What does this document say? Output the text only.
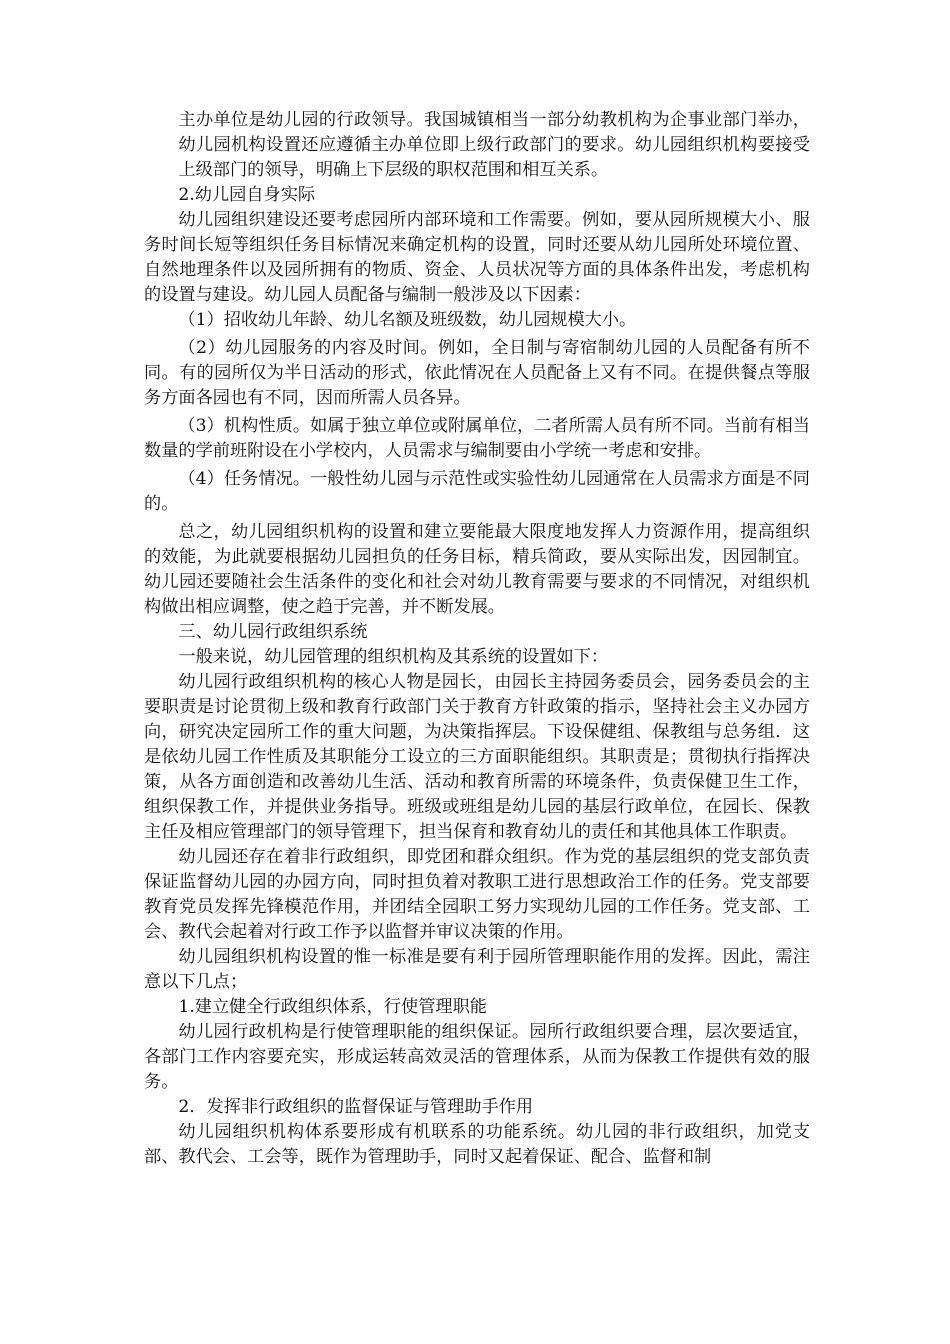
主办单位是幼儿园的行政领导。我国城镇相当一部分幼教机构为企事业部门举办，幼儿园机构设置还应遵循主办单位即上级行政部门的要求。幼儿园组织机构要接受上级部门的领导，明确上下层级的职权范围和相互关系。

2.幼儿园自身实际

幼儿园组织建设还要考虑园所内部环境和工作需要。例如，要从园所规模大小、服务时间长短等组织任务目标情况来确定机构的设置，同时还要从幼儿园所处环境位置、自然地理条件以及园所拥有的物质、资金、人员状况等方面的具体条件出发，考虑机构的设置与建设。幼儿园人员配备与编制一般涉及以下因素：

（1）招收幼儿年龄、幼儿名额及班级数，幼儿园规模大小。

（2）幼儿园服务的内容及时间。例如，全日制与寄宿制幼儿园的人员配备有所不同。有的园所仅为半日活动的形式，依此情况在人员配备上又有不同。在提供餐点等服务方面各园也有不同，因而所需人员各异。

（3）机构性质。如属于独立单位或附属单位，二者所需人员有所不同。当前有相当数量的学前班附设在小学校内，人员需求与编制要由小学统一考虑和安排。

（4）任务情况。一般性幼儿园与示范性或实验性幼儿园通常在人员需求方面是不同的。

总之，幼儿园组织机构的设置和建立要能最大限度地发挥人力资源作用，提高组织的效能，为此就要根据幼儿园担负的任务目标，精兵简政，要从实际出发，因园制宜。幼儿园还要随社会生活条件的变化和社会对幼儿教育需要与要求的不同情况，对组织机构做出相应调整，使之趋于完善，并不断发展。

三、幼儿园行政组织系统

一般来说，幼儿园管理的组织机构及其系统的设置如下：

幼儿园行政组织机构的核心人物是园长，由园长主持园务委员会，园务委员会的主要职责是讨论贯彻上级和教育行政部门关于教育方针政策的指示，坚持社会主义办园方向，研究决定园所工作的重大问题，为决策指挥层。下设保健组、保教组与总务组．这是依幼儿园工作性质及其职能分工设立的三方面职能组织。其职责是；贯彻执行指挥决策，从各方面创造和改善幼儿生活、活动和教育所需的环境条件，负责保健卫生工作，组织保教工作，并提供业务指导。班级或班组是幼儿园的基层行政单位，在园长、保教主任及相应管理部门的领导管理下，担当保育和教育幼儿的责任和其他具体工作职责。

幼儿园还存在着非行政组织，即党团和群众组织。作为党的基层组织的党支部负责保证监督幼儿园的办园方向，同时担负着对教职工进行思想政治工作的任务。党支部要教育党员发挥先锋模范作用，并团结全园职工努力实现幼儿园的工作任务。党支部、工会、教代会起着对行政工作予以监督并审议决策的作用。

幼儿园组织机构设置的惟一标准是要有利于园所管理职能作用的发挥。因此，需注意以下几点；

1.建立健全行政组织体系，行使管理职能

幼儿园行政机构是行使管理职能的组织保证。园所行政组织要合理，层次要适宜，各部门工作内容要充实，形成运转高效灵活的管理体系，从而为保教工作提供有效的服务。

2．发挥非行政组织的监督保证与管理助手作用

幼儿园组织机构体系要形成有机联系的功能系统。幼儿园的非行政组织，加党支部、教代会、工会等，既作为管理助手，同时又起着保证、配合、监督和制
